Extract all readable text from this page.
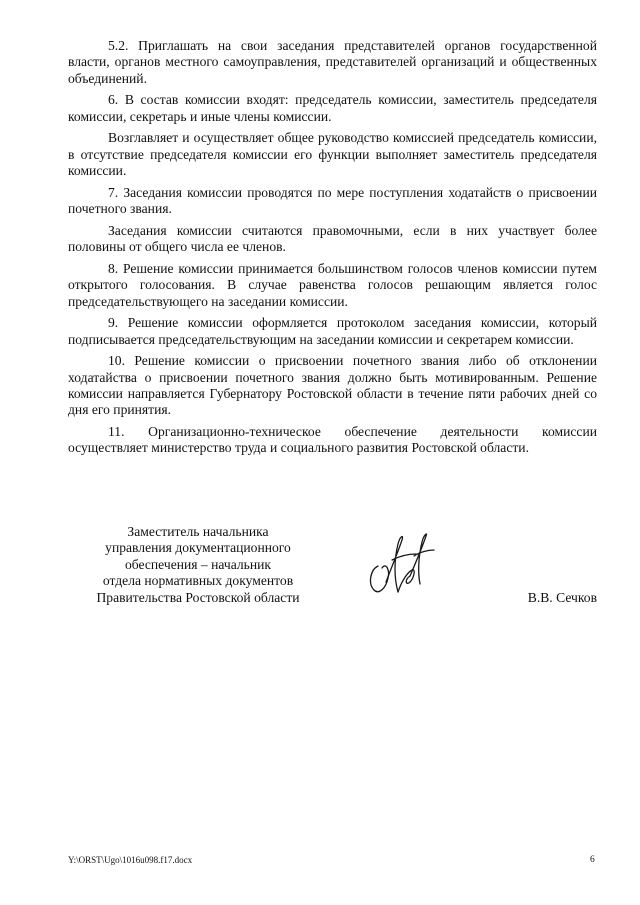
5.2. Приглашать на свои заседания представителей органов государственной власти, органов местного самоуправления, представителей организаций и общественных объединений.

6. В состав комиссии входят: председатель комиссии, заместитель председателя комиссии, секретарь и иные члены комиссии.

Возглавляет и осуществляет общее руководство комиссией председатель комиссии, в отсутствие председателя комиссии его функции выполняет заместитель председателя комиссии.

7. Заседания комиссии проводятся по мере поступления ходатайств о присвоении почетного звания.

Заседания комиссии считаются правомочными, если в них участвует более половины от общего числа ее членов.

8. Решение комиссии принимается большинством голосов членов комиссии путем открытого голосования. В случае равенства голосов решающим является голос председательствующего на заседании комиссии.

9. Решение комиссии оформляется протоколом заседания комиссии, который подписывается председательствующим на заседании комиссии и секретарем комиссии.

10. Решение комиссии о присвоении почетного звания либо об отклонении ходатайства о присвоении почетного звания должно быть мотивированным. Решение комиссии направляется Губернатору Ростовской области в течение пяти рабочих дней со дня его принятия.

11. Организационно-техническое обеспечение деятельности комиссии осуществляет министерство труда и социального развития Ростовской области.

Заместитель начальника
управления документационного
обеспечения – начальник
отдела нормативных документов
Правительства Ростовской области	В.В. Сечков
Y:\ORST\Ugo\1016u098.f17.docx	6
